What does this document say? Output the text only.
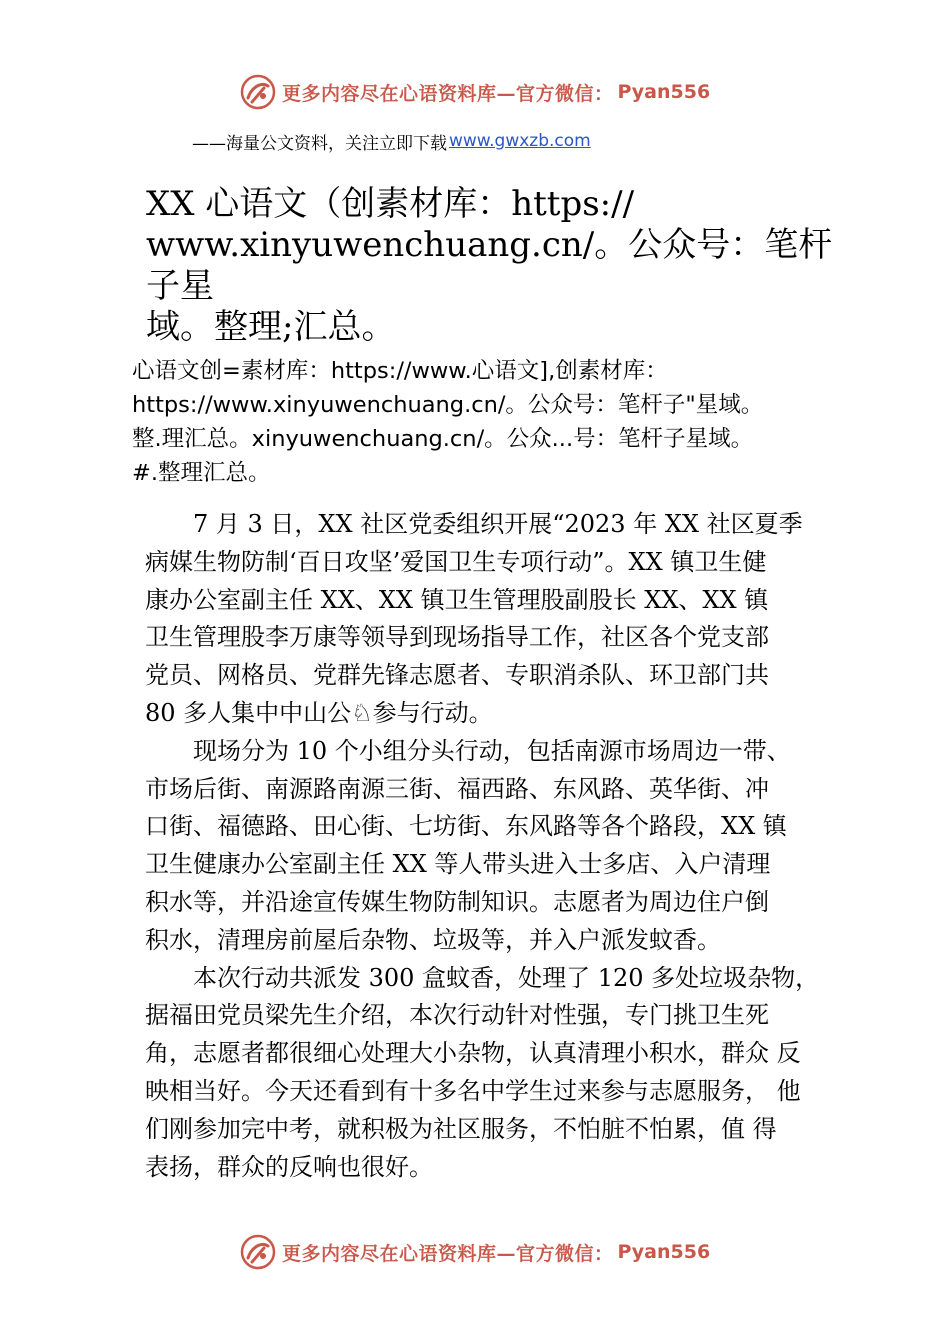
更多内容尽在心语资料库—官方微信： Pyan556
——海量公文资料，关注立即下载 www.gwxzb.com
XX 心语文（创素材库：https://
www.xinyuwenchuang.cn/。公众号：笔杆子星
域。整理;汇总。
心语文创=素材库：https://www.心语文],创素材库：
https://www.xinyuwenchuang.cn/。公众号：笔杆子"星域。
整.理汇总。xinyuwenchuang.cn/。公众...号：笔杆子星域。
#.整理汇总。
7 月 3 日，XX 社区党委组织开展“2023 年 XX 社区夏季
病媒生物防制‘百日攻坚’爱国卫生专项行动”。XX 镇卫生健
康办公室副主任 XX、XX 镇卫生管理股副股长 XX、XX 镇
卫生管理股李万康等领导到现场指导工作，社区各个党支部
党员、网格员、党群先锋志愿者、专职消杀队、环卫部门共
80 多人集中中山公♘参与行动。
现场分为 10 个小组分头行动，包括南源市场周边一带、
市场后街、南源路南源三街、福西路、东风路、英华街、冲
口街、福德路、田心街、七坊街、东风路等各个路段，XX 镇
卫生健康办公室副主任 XX 等人带头进入士多店、入户清理
积水等，并沿途宣传媒生物防制知识。志愿者为周边住户倒
积水，清理房前屋后杂物、垃圾等，并入户派发蚊香。
本次行动共派发 300 盒蚊香，处理了 120 多处垃圾杂物，
据福田党员梁先生介绍，本次行动针对性强，专门挑卫生死
角，志愿者都很细心处理大小杂物，认真清理小积水，群众 反
映相当好。今天还看到有十多名中学生过来参与志愿服务， 他
们刚参加完中考，就积极为社区服务，不怕脏不怕累，值 得
表扬，群众的反响也很好。
更多内容尽在心语资料库—官方微信： Pyan556
